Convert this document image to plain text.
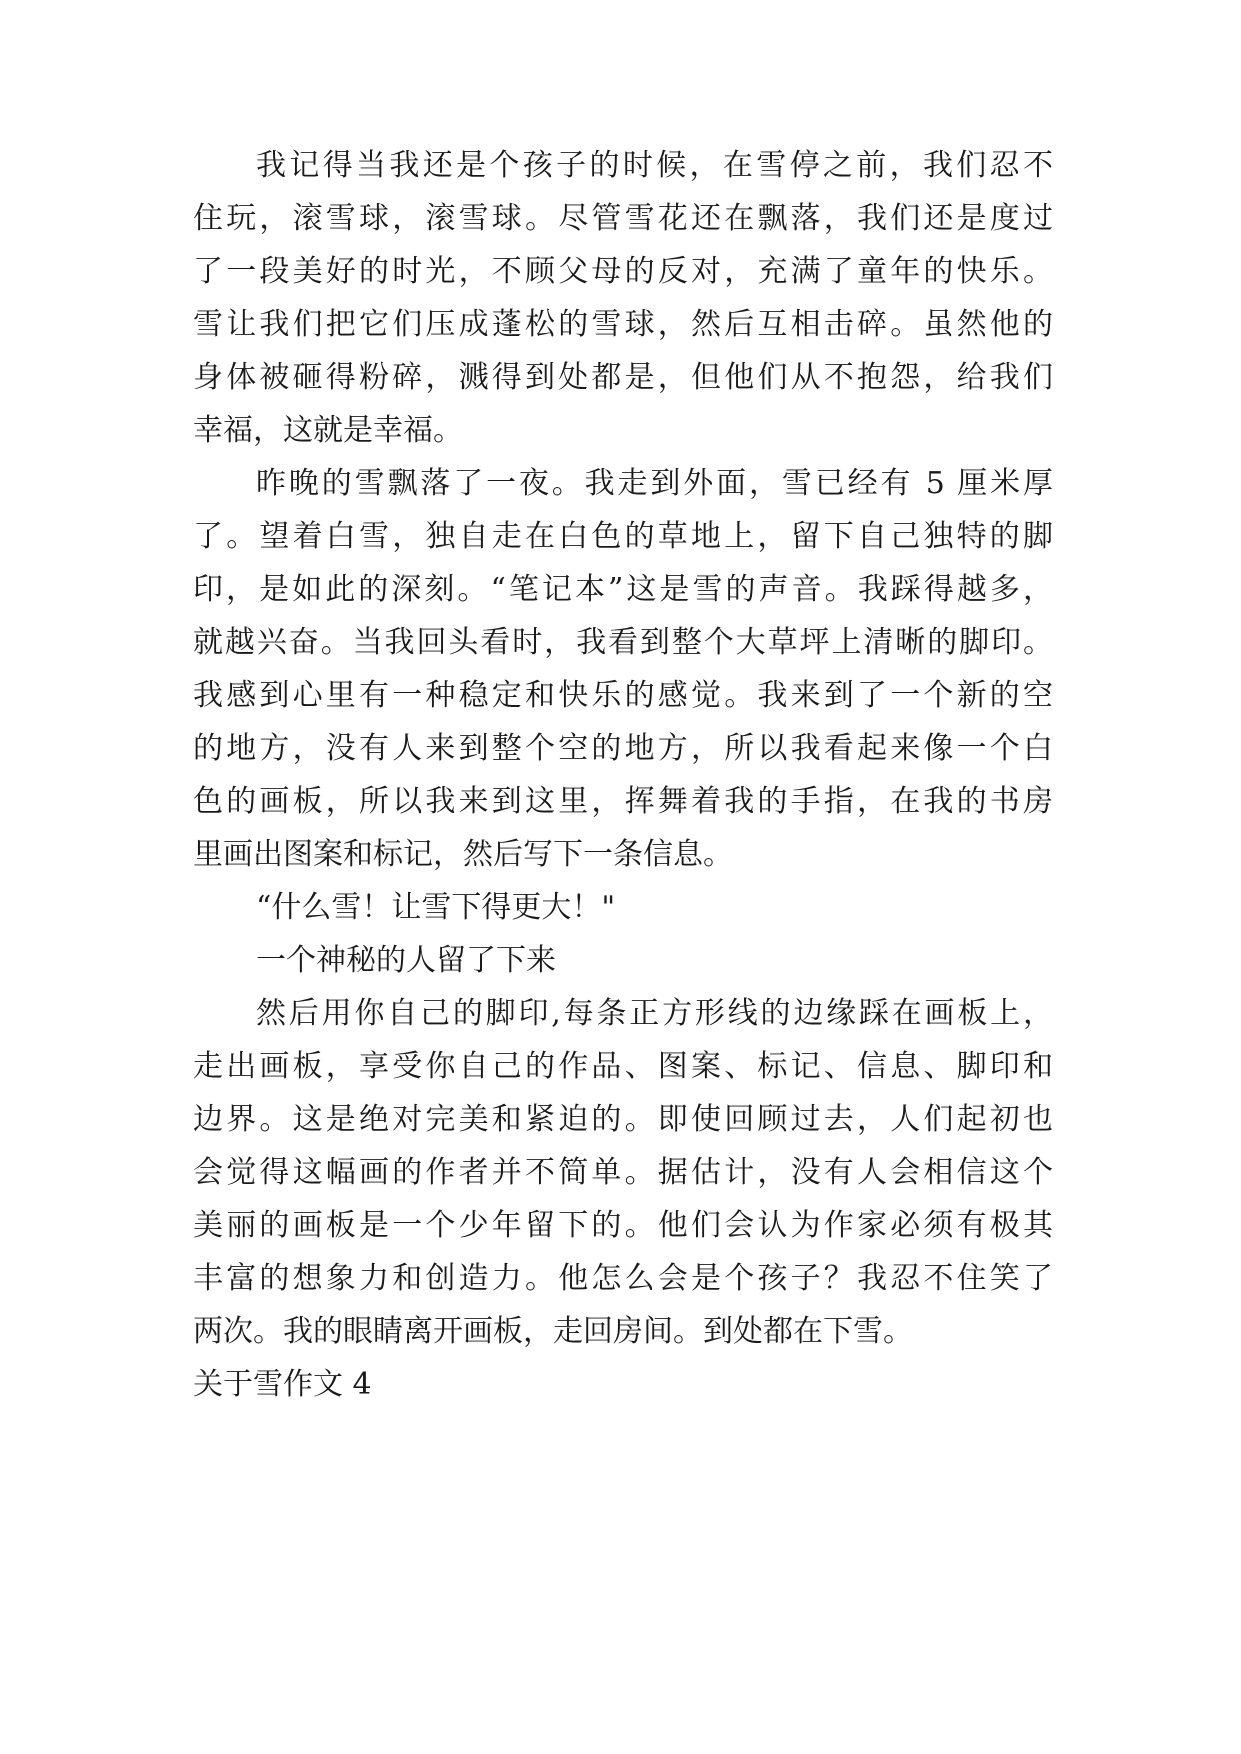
我记得当我还是个孩子的时候，在雪停之前，我们忍不
住玩，滚雪球，滚雪球。尽管雪花还在飘落，我们还是度过
了一段美好的时光，不顾父母的反对，充满了童年的快乐。
雪让我们把它们压成蓬松的雪球，然后互相击碎。虽然他的
身体被砸得粉碎，溅得到处都是，但他们从不抱怨，给我们
幸福，这就是幸福。
昨晚的雪飘落了一夜。我走到外面，雪已经有 5 厘米厚
了。望着白雪，独自走在白色的草地上，留下自己独特的脚
印，是如此的深刻。“笔记本”这是雪的声音。我踩得越多，
就越兴奋。当我回头看时，我看到整个大草坪上清晰的脚印。
我感到心里有一种稳定和快乐的感觉。我来到了一个新的空
的地方，没有人来到整个空的地方，所以我看起来像一个白
色的画板，所以我来到这里，挥舞着我的手指，在我的书房
里画出图案和标记，然后写下一条信息。
“什么雪！让雪下得更大！"
一个神秘的人留了下来
然后用你自己的脚印,每条正方形线的边缘踩在画板上，
走出画板，享受你自己的作品、图案、标记、信息、脚印和
边界。这是绝对完美和紧迫的。即使回顾过去，人们起初也
会觉得这幅画的作者并不简单。据估计，没有人会相信这个
美丽的画板是一个少年留下的。他们会认为作家必须有极其
丰富的想象力和创造力。他怎么会是个孩子？我忍不住笑了
两次。我的眼睛离开画板，走回房间。到处都在下雪。
关于雪作文 4
